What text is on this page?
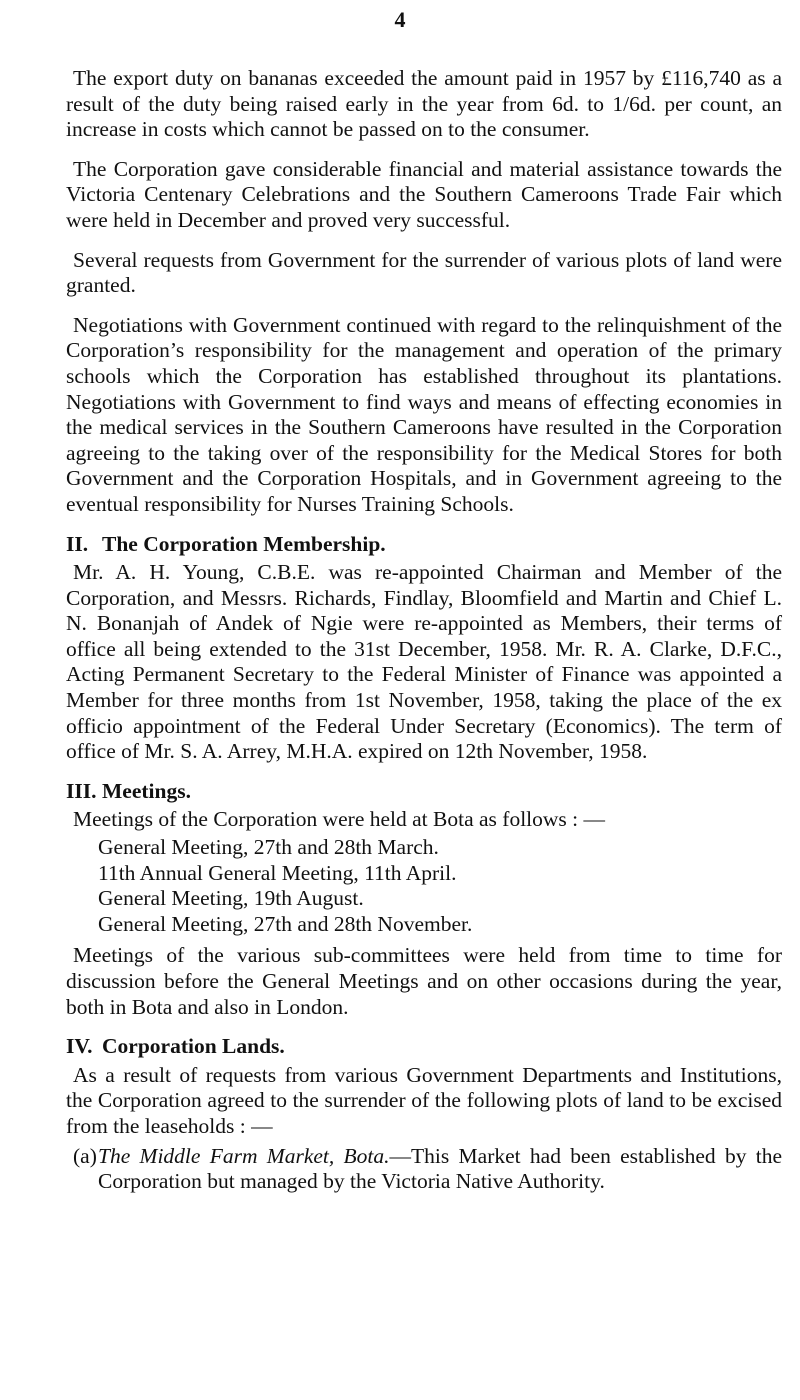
4

The export duty on bananas exceeded the amount paid in 1957 by £116,740 as a result of the duty being raised early in the year from 6d. to 1/6d. per count, an increase in costs which cannot be passed on to the consumer.

The Corporation gave considerable financial and material assistance towards the Victoria Centenary Celebrations and the Southern Cameroons Trade Fair which were held in December and proved very successful.

Several requests from Government for the surrender of various plots of land were granted.

Negotiations with Government continued with regard to the relinquishment of the Corporation’s responsibility for the management and operation of the primary schools which the Corporation has established throughout its plantations. Negotiations with Government to find ways and means of effecting economies in the medical services in the Southern Cameroons have resulted in the Corporation agreeing to the taking over of the responsibility for the Medical Stores for both Government and the Corporation Hospitals, and in Government agreeing to the eventual responsibility for Nurses Training Schools.

II. The Corporation Membership.

Mr. A. H. Young, C.B.E. was re-appointed Chairman and Member of the Corporation, and Messrs. Richards, Findlay, Bloomfield and Martin and Chief L. N. Bonanjah of Andek of Ngie were re-appointed as Members, their terms of office all being extended to the 31st December, 1958. Mr. R. A. Clarke, D.F.C., Acting Permanent Secretary to the Federal Minister of Finance was appointed a Member for three months from 1st November, 1958, taking the place of the ex officio appointment of the Federal Under Secretary (Economics). The term of office of Mr. S. A. Arrey, M.H.A. expired on 12th November, 1958.

III. Meetings.

Meetings of the Corporation were held at Bota as follows : —

General Meeting, 27th and 28th March.
11th Annual General Meeting, 11th April.
General Meeting, 19th August.
General Meeting, 27th and 28th November.

Meetings of the various sub-committees were held from time to time for discussion before the General Meetings and on other occasions during the year, both in Bota and also in London.

IV. Corporation Lands.

As a result of requests from various Government Departments and Institutions, the Corporation agreed to the surrender of the following plots of land to be excised from the leaseholds : —

(a)The Middle Farm Market, Bota.—This Market had been established by the Corporation but managed by the Victoria Native Authority.
